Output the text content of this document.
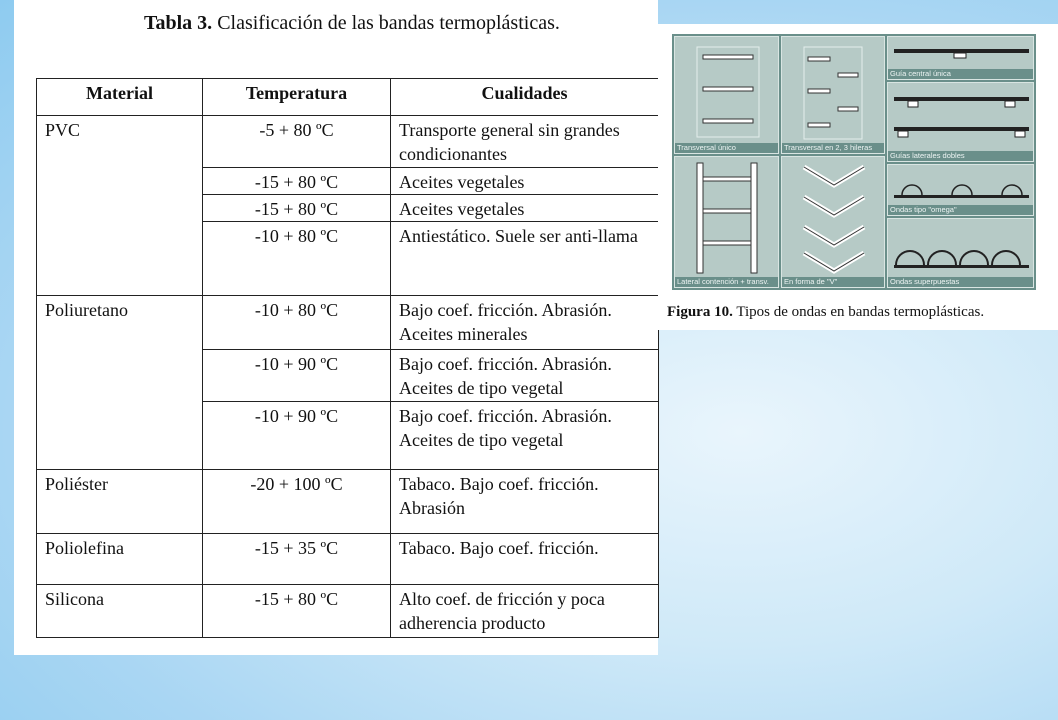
Tabla 3. Clasificación de las bandas termoplásticas.
Material	Temperatura	Cualidades
PVC	-5 + 80 ºC	Transporte general sin grandes condicionantes
	-15 + 80 ºC	Aceites vegetales
	-15 + 80 ºC	Aceites vegetales
	-10 + 80 ºC	Antiestático. Suele ser anti-llama
Poliuretano	-10 + 80 ºC	Bajo coef. fricción. Abrasión. Aceites minerales
	-10 + 90 ºC	Bajo coef. fricción. Abrasión. Aceites de tipo vegetal
	-10 + 90 ºC	Bajo coef. fricción. Abrasión. Aceites de tipo vegetal
Poliéster	-20 + 100 ºC	Tabaco. Bajo coef. fricción. Abrasión
Poliolefina	-15 + 35 ºC	Tabaco. Bajo coef. fricción.
Silicona	-15 + 80 ºC	Alto coef. de fricción y poca adherencia producto
Transversal único	Transversal en 2, 3 hileras
Guía central única
Guías laterales dobles
Lateral contención + transv. En forma de "V"
Ondas tipo "omega"
Ondas superpuestas
Figura 10. Tipos de ondas en bandas termoplásticas.
